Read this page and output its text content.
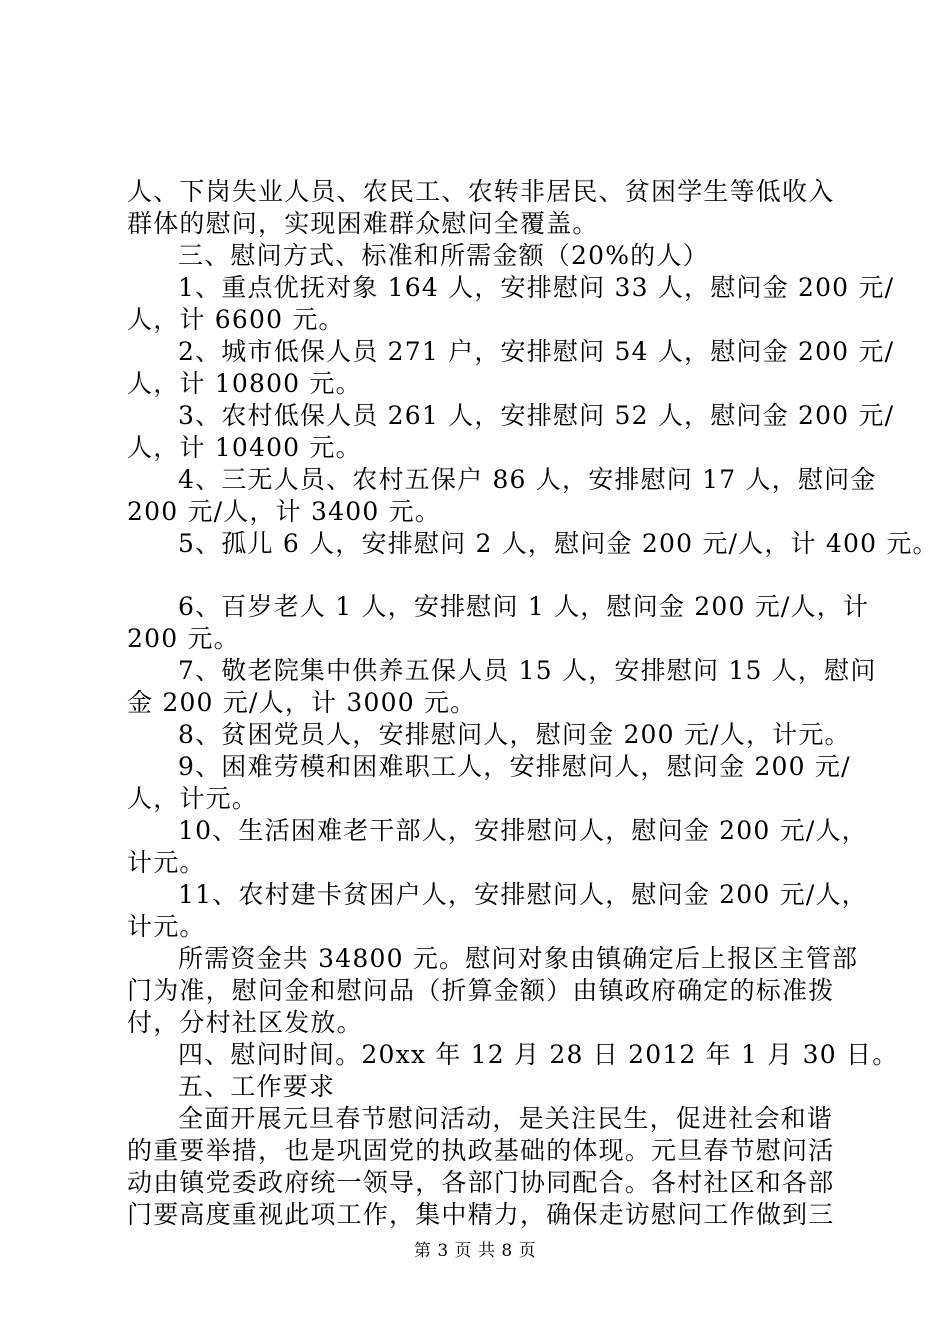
人、下岗失业人员、农民工、农转非居民、贫困学生等低收入
群体的慰问，实现困难群众慰问全覆盖。
三、慰问方式、标准和所需金额（20%的人）
1、重点优抚对象 164 人，安排慰问 33 人，慰问金 200 元/
人，计 6600 元。
2、城市低保人员 271 户，安排慰问 54 人，慰问金 200 元/
人，计 10800 元。
3、农村低保人员 261 人，安排慰问 52 人，慰问金 200 元/
人，计 10400 元。
4、三无人员、农村五保户 86 人，安排慰问 17 人，慰问金
200 元/人，计 3400 元。
5、孤儿 6 人，安排慰问 2 人，慰问金 200 元/人，计 400 元。
6、百岁老人 1 人，安排慰问 1 人，慰问金 200 元/人，计
200 元。
7、敬老院集中供养五保人员 15 人，安排慰问 15 人，慰问
金 200 元/人，计 3000 元。
8、贫困党员人，安排慰问人，慰问金 200 元/人，计元。
9、困难劳模和困难职工人，安排慰问人，慰问金 200 元/
人，计元。
10、生活困难老干部人，安排慰问人，慰问金 200 元/人，
计元。
11、农村建卡贫困户人，安排慰问人，慰问金 200 元/人，
计元。
所需资金共 34800 元。慰问对象由镇确定后上报区主管部
门为准，慰问金和慰问品（折算金额）由镇政府确定的标准拨
付，分村社区发放。
四、慰问时间。20xx 年 12 月 28 日 2012 年 1 月 30 日。
五、工作要求
全面开展元旦春节慰问活动，是关注民生，促进社会和谐
的重要举措，也是巩固党的执政基础的体现。元旦春节慰问活
动由镇党委政府统一领导，各部门协同配合。各村社区和各部
门要高度重视此项工作，集中精力，确保走访慰问工作做到三
第 3 页 共 8 页
